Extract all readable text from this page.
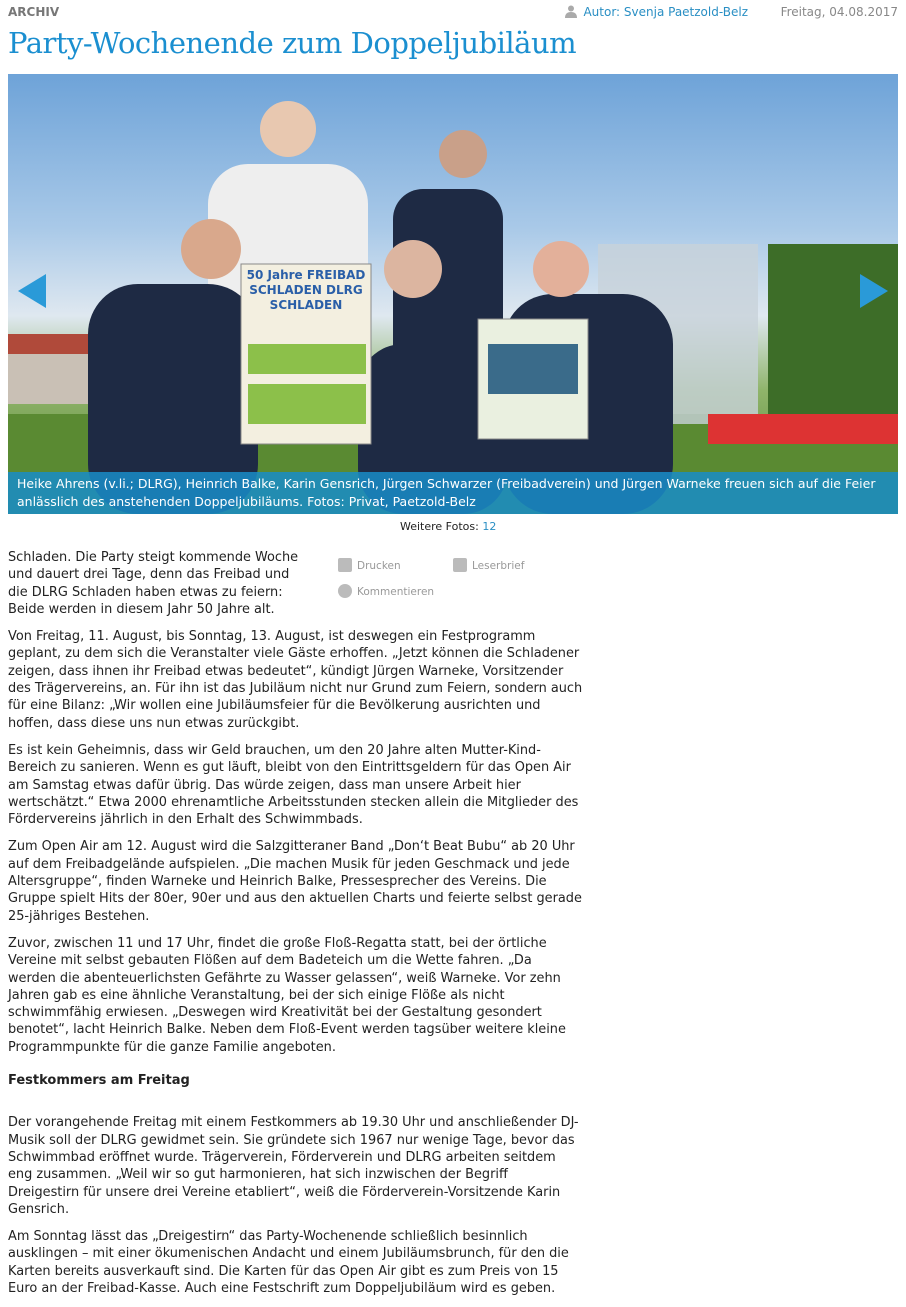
ARCHIV	Autor: Svenja Paetzold-Belz	Freitag, 04.08.2017
Party-Wochenende zum Doppeljubiläum
50 Jahre FREIBAD SCHLADEN DLRG SCHLADEN
Heike Ahrens (v.li.; DLRG), Heinrich Balke, Karin Gensrich, Jürgen Schwarzer (Freibadverein) und Jürgen Warneke freuen sich auf die Feier anlässlich des anstehenden Doppeljubiläums. Fotos: Privat, Paetzold-Belz
Weitere Fotos: 12
Drucken	Leserbrief
Kommentieren

Schladen. Die Party steigt kommende Woche und dauert drei Tage, denn das Freibad und die DLRG Schladen haben etwas zu feiern: Beide werden in diesem Jahr 50 Jahre alt.

Von Freitag, 11. August, bis Sonntag, 13. August, ist deswegen ein Festprogramm geplant, zu dem sich die Veranstalter viele Gäste erhoffen. „Jetzt können die Schladener zeigen, dass ihnen ihr Freibad etwas bedeutet“, kündigt Jürgen Warneke, Vorsitzender des Trägervereins, an. Für ihn ist das Jubiläum nicht nur Grund zum Feiern, sondern auch für eine Bilanz: „Wir wollen eine Jubiläumsfeier für die Bevölkerung ausrichten und hoffen, dass diese uns nun etwas zurückgibt.

Es ist kein Geheimnis, dass wir Geld brauchen, um den 20 Jahre alten Mutter-Kind-Bereich zu sanieren. Wenn es gut läuft, bleibt von den Eintrittsgeldern für das Open Air am Samstag etwas dafür übrig. Das würde zeigen, dass man unsere Arbeit hier wertschätzt.“ Etwa 2000 ehrenamtliche Arbeitsstunden stecken allein die Mitglieder des Fördervereins jährlich in den Erhalt des Schwimmbads.

Zum Open Air am 12. August wird die Salzgitteraner Band „Don‘t Beat Bubu“ ab 20 Uhr auf dem Freibadgelände aufspielen. „Die machen Musik für jeden Geschmack und jede Altersgruppe“, finden Warneke und Heinrich Balke, Pressesprecher des Vereins. Die Gruppe spielt Hits der 80er, 90er und aus den aktuellen Charts und feierte selbst gerade 25-jähriges Bestehen.

Zuvor, zwischen 11 und 17 Uhr, findet die große Floß-Regatta statt, bei der örtliche Vereine mit selbst gebauten Flößen auf dem Badeteich um die Wette fahren. „Da werden die abenteuerlichsten Gefährte zu Wasser gelassen“, weiß Warneke. Vor zehn Jahren gab es eine ähnliche Veranstaltung, bei der sich einige Flöße als nicht schwimmfähig erwiesen. „Deswegen wird Kreativität bei der Gestaltung gesondert benotet“, lacht Heinrich Balke. Neben dem Floß-Event werden tagsüber weitere kleine Programmpunkte für die ganze Familie angeboten.

Festkommers am Freitag

Der vorangehende Freitag mit einem Festkommers ab 19.30 Uhr und anschließender DJ-Musik soll der DLRG gewidmet sein. Sie gründete sich 1967 nur wenige Tage, bevor das Schwimmbad eröffnet wurde. Trägerverein, Förderverein und DLRG arbeiten seitdem eng zusammen. „Weil wir so gut harmonieren, hat sich inzwischen der Begriff Dreigestirn für unsere drei Vereine etabliert“, weiß die Förderverein-Vorsitzende Karin Gensrich.

Am Sonntag lässt das „Dreigestirn“ das Party-Wochenende schließlich besinnlich ausklingen – mit einer ökumenischen Andacht und einem Jubiläumsbrunch, für den die Karten bereits ausverkauft sind. Die Karten für das Open Air gibt es zum Preis von 15 Euro an der Freibad-Kasse. Auch eine Festschrift zum Doppeljubiläum wird es geben.
